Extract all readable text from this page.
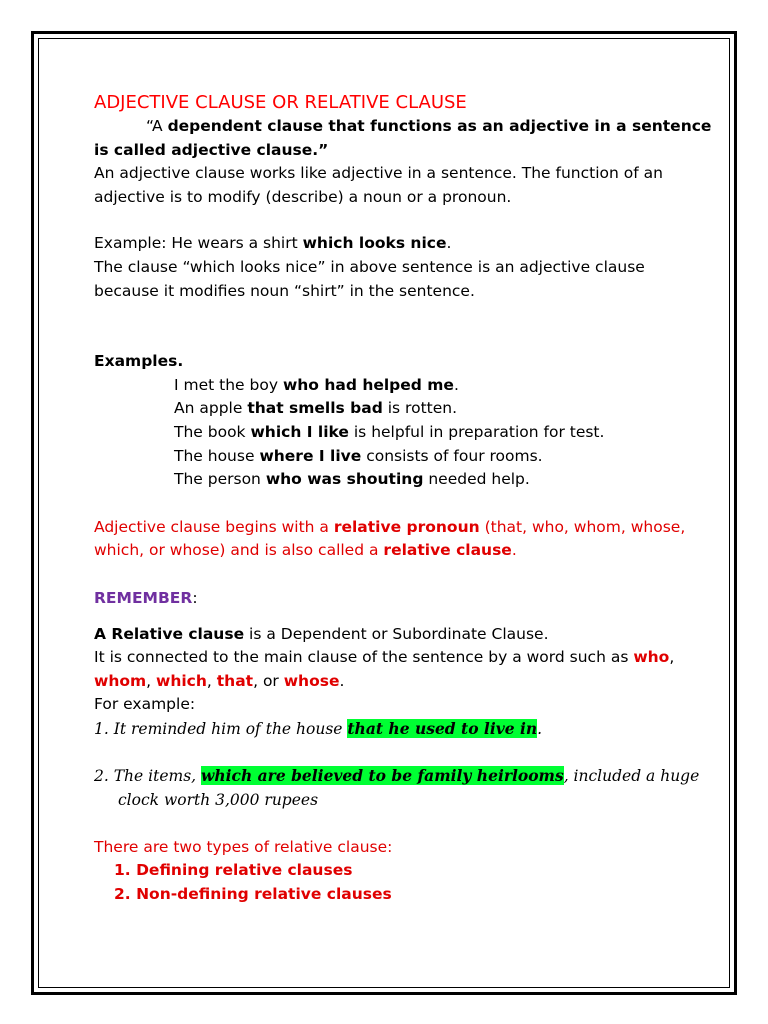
ADJECTIVE CLAUSE OR RELATIVE CLAUSE

“A dependent clause that functions as an adjective in a sentence is called adjective clause.”

An adjective clause works like adjective in a sentence. The function of an adjective is to modify (describe) a noun or a pronoun.

Example: He wears a shirt which looks nice.

The clause “which looks nice” in above sentence is an adjective clause because it modifies noun “shirt” in the sentence.

Examples.

I met the boy who had helped me.

An apple that smells bad is rotten.

The book which I like is helpful in preparation for test.

The house where I live consists of four rooms.

The person who was shouting needed help.

Adjective clause begins with a relative pronoun (that, who, whom, whose, which, or whose) and is also called a relative clause.

REMEMBER:

A Relative clause is a Dependent or Subordinate Clause.

It is connected to the main clause of the sentence by a word such as who, whom, which, that, or whose.

For example:

1. It reminded him of the house that he used to live in.

2. The items, which are believed to be family heirlooms, included a huge clock worth 3,000 rupees

There are two types of relative clause:

1. Defining relative clauses

2. Non-defining relative clauses
